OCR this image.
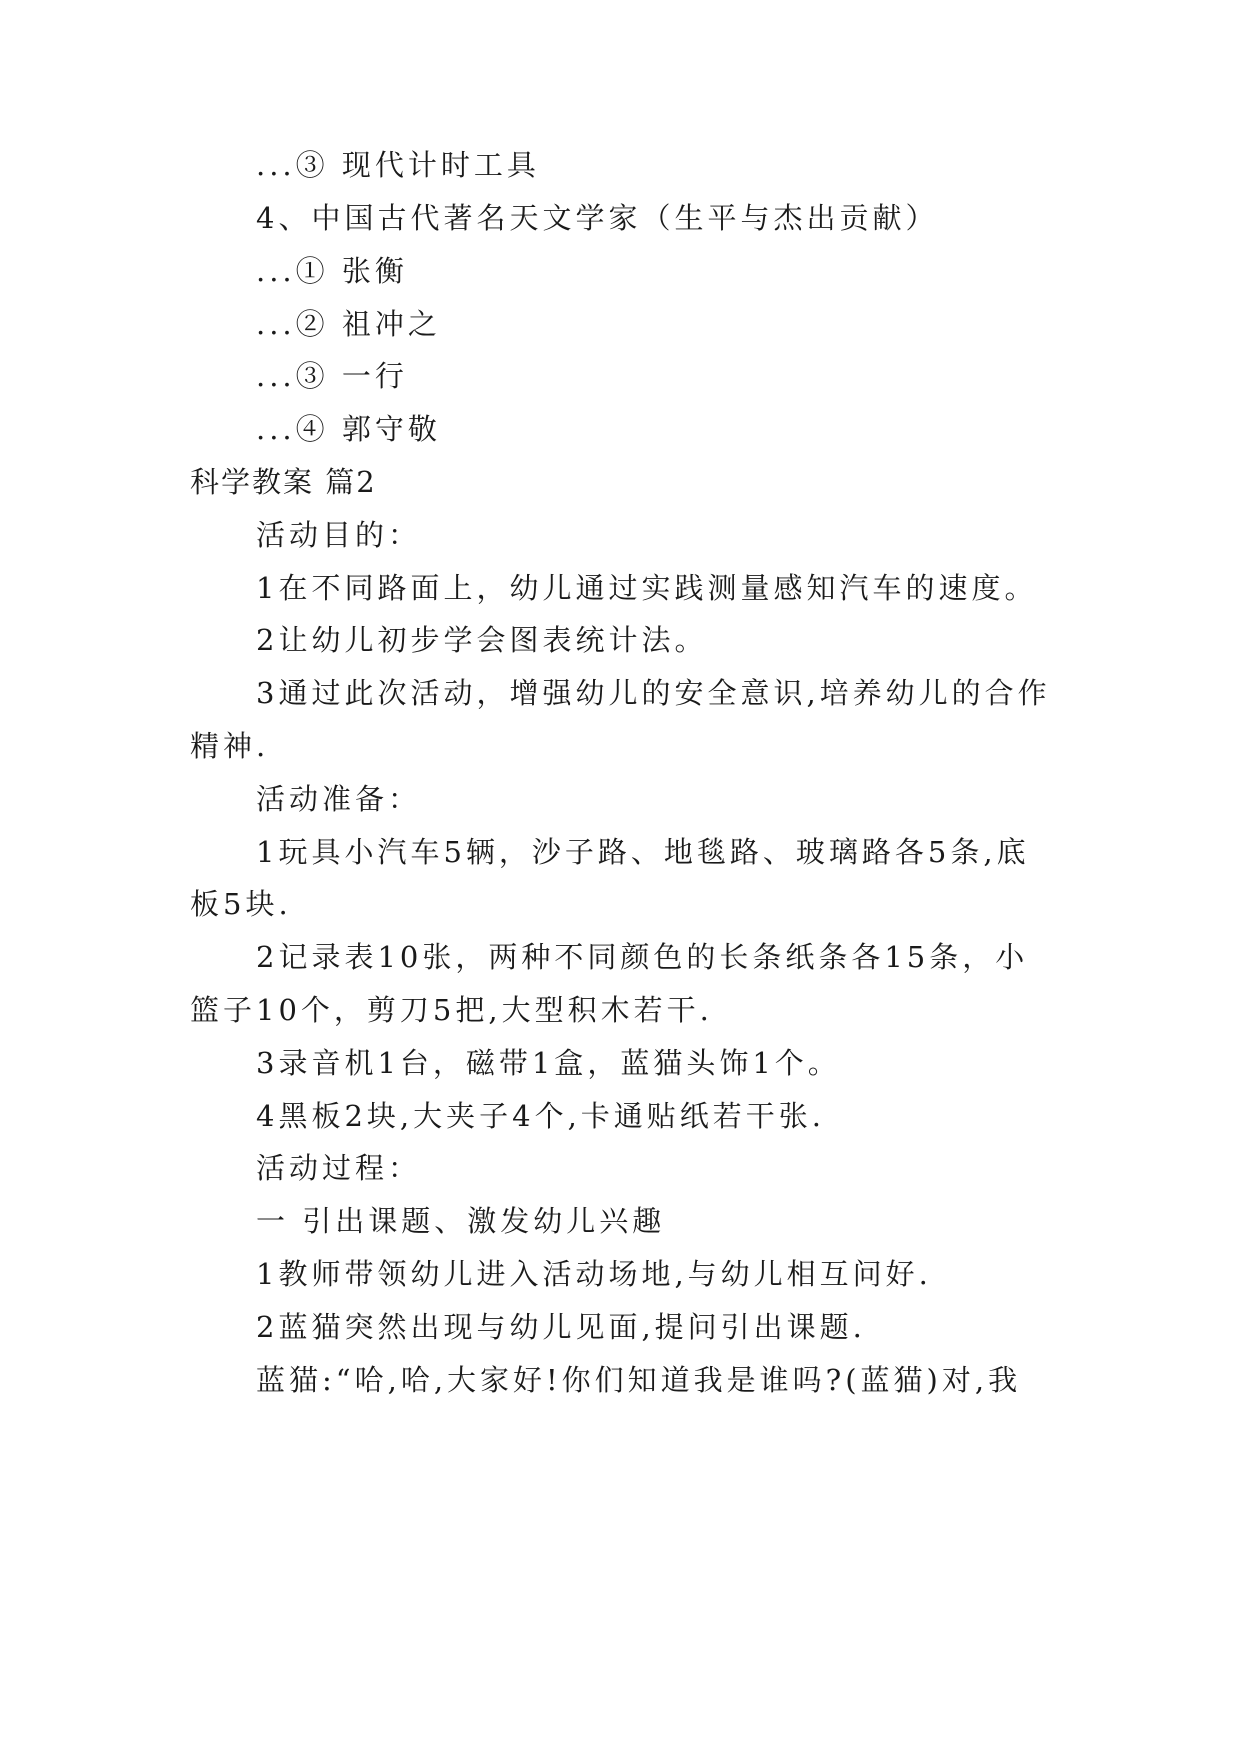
...③ 现代计时工具
4、中国古代著名天文学家（生平与杰出贡献）
...① 张衡
...② 祖冲之
...③ 一行
...④ 郭守敬
科学教案 篇2
活动目的：
1在不同路面上，幼儿通过实践测量感知汽车的速度。
2让幼儿初步学会图表统计法。
3通过此次活动，增强幼儿的安全意识,培养幼儿的合作
精神.
活动准备：
1玩具小汽车5辆，沙子路、地毯路、玻璃路各5条,底
板5块.
2记录表10张，两种不同颜色的长条纸条各15条，小
篮子10个，剪刀5把,大型积木若干.
3录音机1台，磁带1盒，蓝猫头饰1个。
4黑板2块,大夹子4个,卡通贴纸若干张.
活动过程：
一 引出课题、激发幼儿兴趣
1教师带领幼儿进入活动场地,与幼儿相互问好.
2蓝猫突然出现与幼儿见面,提问引出课题.
蓝猫:“哈,哈,大家好!你们知道我是谁吗?(蓝猫)对,我
